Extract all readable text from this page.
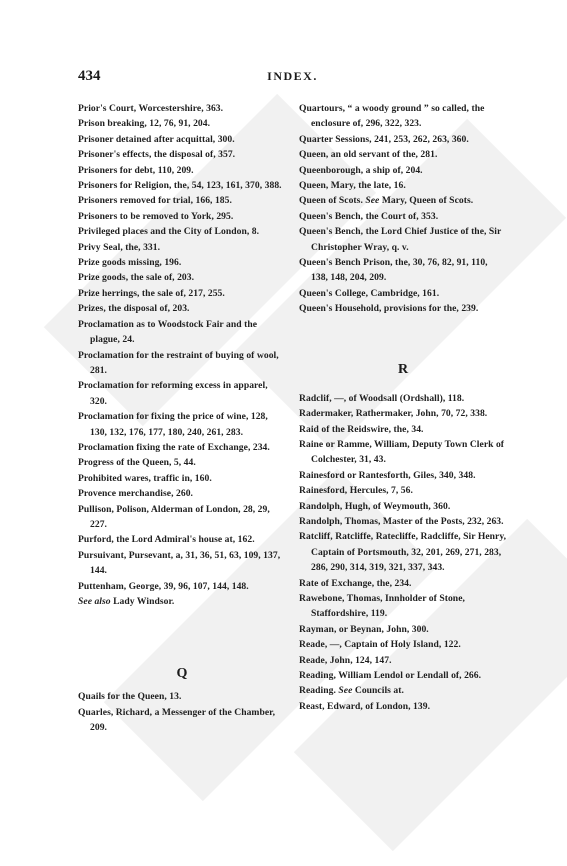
434	INDEX.
Prior's Court, Worcestershire, 363.
Prison breaking, 12, 76, 91, 204.
Prisoner detained after acquittal, 300.
Prisoner's effects, the disposal of, 357.
Prisoners for debt, 110, 209.
Prisoners for Religion, the, 54, 123, 161, 370, 388.
Prisoners removed for trial, 166, 185.
Prisoners to be removed to York, 295.
Privileged places and the City of London, 8.
Privy Seal, the, 331.
Prize goods missing, 196.
Prize goods, the sale of, 203.
Prize herrings, the sale of, 217, 255.
Prizes, the disposal of, 203.
Proclamation as to Woodstock Fair and the plague, 24.
Proclamation for the restraint of buying of wool, 281.
Proclamation for reforming excess in apparel, 320.
Proclamation for fixing the price of wine, 128, 130, 132, 176, 177, 180, 240, 261, 283.
Proclamation fixing the rate of Exchange, 234.
Progress of the Queen, 5, 44.
Prohibited wares, traffic in, 160.
Provence merchandise, 260.
Pullison, Polison, Alderman of London, 28, 29, 227.
Purford, the Lord Admiral's house at, 162.
Pursuivant, Pursevant, a, 31, 36, 51, 63, 109, 137, 144.
Puttenham, George, 39, 96, 107, 144, 148.
See also Lady Windsor.
Q
Quails for the Queen, 13.
Quarles, Richard, a Messenger of the Chamber, 209.
Quartours, “ a woody ground ” so called, the enclosure of, 296, 322, 323.
Quarter Sessions, 241, 253, 262, 263, 360.
Queen, an old servant of the, 281.
Queenborough, a ship of, 204.
Queen, Mary, the late, 16.
Queen of Scots. See Mary, Queen of Scots.
Queen's Bench, the Court of, 353.
Queen's Bench, the Lord Chief Justice of the, Sir Christopher Wray, q. v.
Queen's Bench Prison, the, 30, 76, 82, 91, 110, 138, 148, 204, 209.
Queen's College, Cambridge, 161.
Queen's Household, provisions for the, 239.
R
Radclif, —, of Woodsall (Ordshall), 118.
Radermaker, Rathermaker, John, 70, 72, 338.
Raid of the Reidswire, the, 34.
Raine or Ramme, William, Deputy Town Clerk of Colchester, 31, 43.
Rainesford or Rantesforth, Giles, 340, 348.
Rainesford, Hercules, 7, 56.
Randolph, Hugh, of Weymouth, 360.
Randolph, Thomas, Master of the Posts, 232, 263.
Ratcliff, Ratcliffe, Ratecliffe, Radcliffe, Sir Henry, Captain of Portsmouth, 32, 201, 269, 271, 283, 286, 290, 314, 319, 321, 337, 343.
Rate of Exchange, the, 234.
Rawebone, Thomas, Innholder of Stone, Staffordshire, 119.
Rayman, or Beynan, John, 300.
Reade, —, Captain of Holy Island, 122.
Reade, John, 124, 147.
Reading, William Lendol or Lendall of, 266.
Reading. See Councils at.
Reast, Edward, of London, 139.
